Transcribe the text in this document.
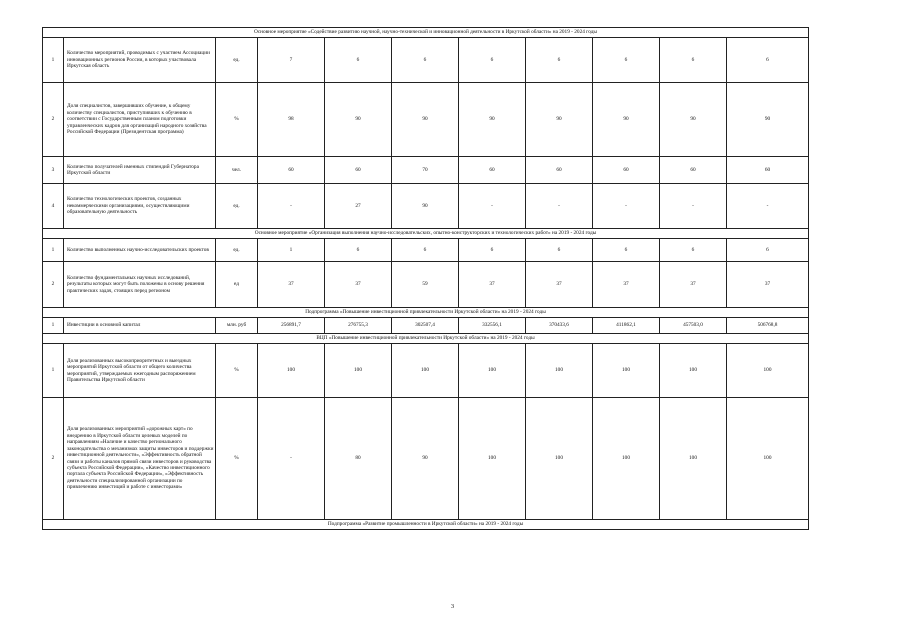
Основное мероприятие «Содействие развитию научной, научно-технической и инновационной деятельности в Иркутской области» на 2019 - 2024 годы										
1	Количество мероприятий, проводимых с участием Ассоциации инновационных регионов России, в которых участвовала Иркутская область	ед.	7	6	6	6	6	6	6	6
2	Доля специалистов, завершивших обучение, к общему количеству специалистов, приступивших к обучению в соответствии с Государственным планом подготовки управленческих кадров для организаций народного хозяйства Российской Федерации (Президентская программа)	%	98	90	90	90	90	90	90	90
3	Количество получателей именных стипендий Губернатора Иркутской области	чел.	60	60	70	60	60	60	60	60
4	Количество технологических проектов, созданных некоммерческими организациями, осуществляющими образовательную деятельность	ед.	-	27	90	-	-	-	-	-
Основное мероприятие «Организация выполнения научно-исследовательских, опытно-конструкторских и технологических работ» на 2019 - 2024 годы										
1	Количество выполненных научно-исследовательских проектов	ед.	1	6	6	6	6	6	6	6
2	Количество фундаментальных научных исследований, результаты которых могут быть положены в основу решения практических задач, стоящих перед регионом	ед	37	37	59	37	37	37	37	37
Подпрограмма «Повышение инвестиционной привлекательности Иркутской области» на 2019 - 2024 годы										
1	Инвестиции в основной капитал	млн. руб	256891,7	276755,3	302507,4	332556,1	370433,6	411862,1	457503,0	506768,8
ВЦП «Повышение инвестиционной привлекательности Иркутской области» на 2019 - 2024 годы										
1	Доля реализованных высокоприоритетных и выездных мероприятий Иркутской области от общего количества мероприятий, утверждаемых ежегодным распоряжением Правительства Иркутской области	%	100	100	100	100	100	100	100	100
2	Доля реализованных мероприятий «дорожных карт» по внедрению в Иркутской области целевых моделей по направлениям «Наличие и качество регионального законодательства о механизмах защиты инвесторов и поддержки инвестиционной деятельности», «Эффективность обратной связи и работы каналов прямой связи инвесторов и руководства субъекта Российской Федерации», «Качество инвестиционного портала субъекта Российской Федерации», «Эффективность деятельности специализированной организации по привлечению инвестиций и работе с инвесторами»	%	-	80	90	100	100	100	100	100
Подпрограмма «Развитие промышленности в Иркутской области» на 2019 - 2024 годы										
3
